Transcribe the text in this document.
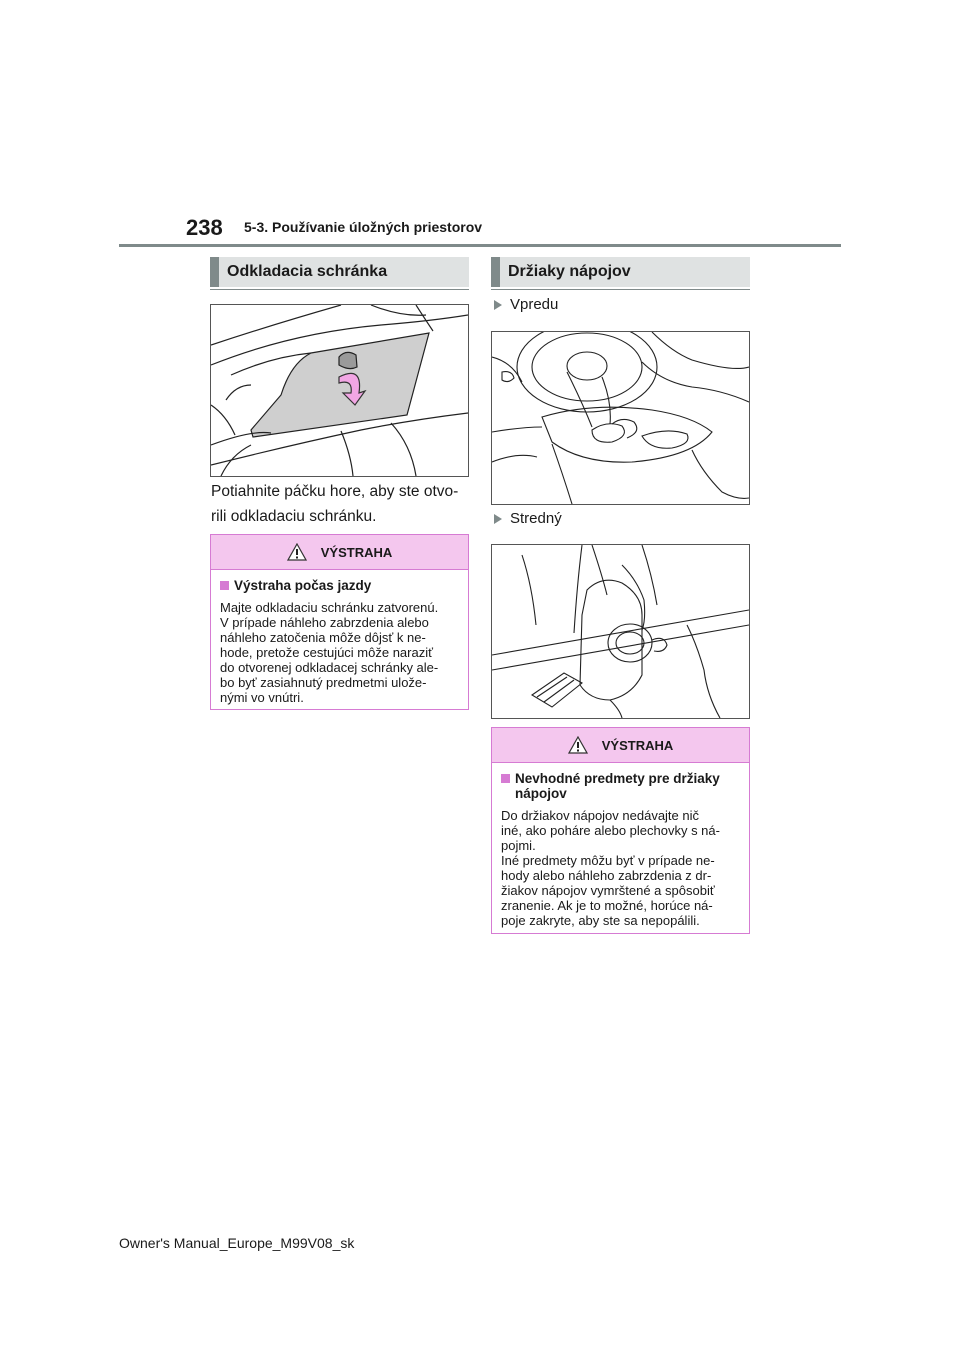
238 5-3. Používanie úložných priestorov
Odkladacia schránka
Potiahnite páčku hore, aby ste otvo-
rili odkladaciu schránku.
VÝSTRAHA
Výstraha počas jazdy
Majte odkladaciu schránku zatvorenú.
V prípade náhleho zabrzdenia alebo
náhleho zatočenia môže dôjsť k ne-
hode, pretože cestujúci môže naraziť
do otvorenej odkladacej schránky ale-
bo byť zasiahnutý predmetmi ulože-
nými vo vnútri.
Držiaky nápojov
Vpredu
Stredný
VÝSTRAHA
Nevhodné predmety pre držiaky
nápojov
Do držiakov nápojov nedávajte nič
iné, ako poháre alebo plechovky s ná-
pojmi.
Iné predmety môžu byť v prípade ne-
hody alebo náhleho zabrzdenia z dr-
žiakov nápojov vymrštené a spôsobiť
zranenie. Ak je to možné, horúce ná-
poje zakryte, aby ste sa nepopálili.
Owner's Manual_Europe_M99V08_sk
